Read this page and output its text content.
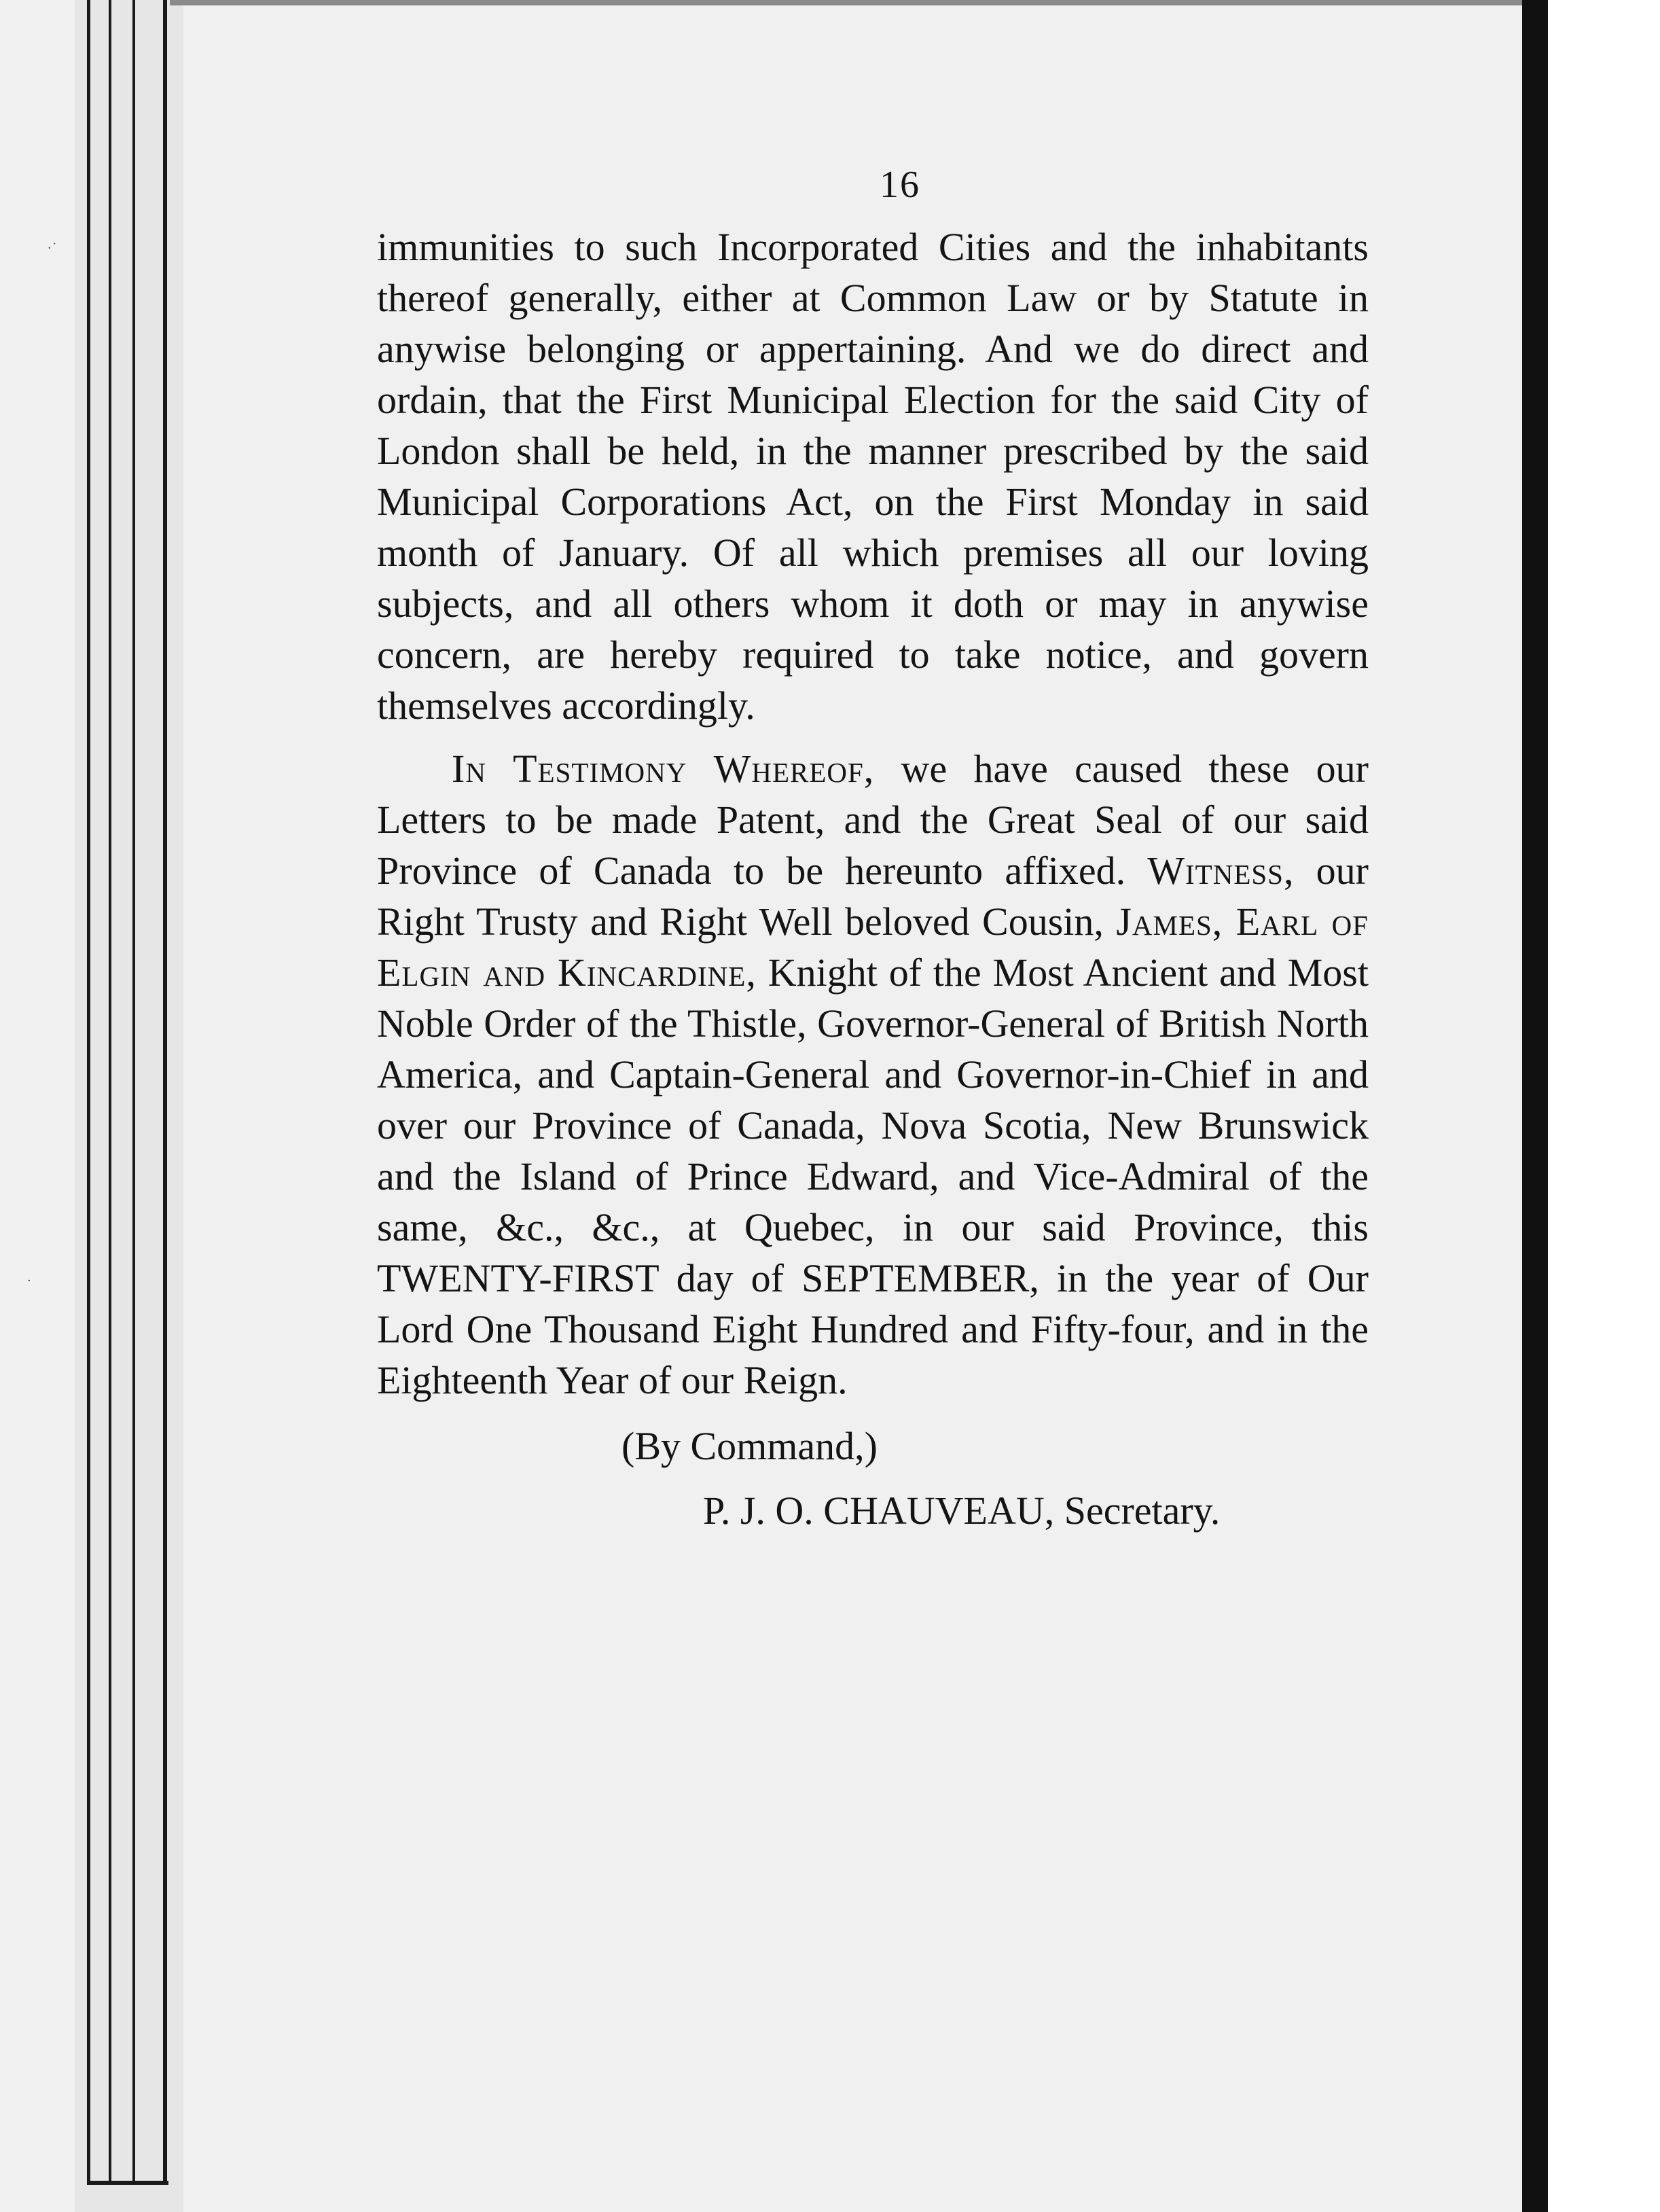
·˙
·
16

immunities to such Incorporated Cities and the inhabitants thereof generally, either at Common Law or by Statute in anywise belonging or appertaining. And we do direct and ordain, that the First Municipal Election for the said City of London shall be held, in the manner prescribed by the said Municipal Corporations Act, on the First Monday in said month of January. Of all which premises all our loving subjects, and all others whom it doth or may in anywise concern, are hereby required to take notice, and govern themselves accordingly.

In Testimony Whereof, we have caused these our Letters to be made Patent, and the Great Seal of our said Province of Canada to be hereunto affixed. Witness, our Right Trusty and Right Well beloved Cousin, James, Earl of Elgin and Kincardine, Knight of the Most Ancient and Most Noble Order of the Thistle, Governor-General of British North America, and Captain-General and Governor-in-Chief in and over our Province of Canada, Nova Scotia, New Brunswick and the Island of Prince Edward, and Vice-Admiral of the same, &c., &c., at Quebec, in our said Province, this TWENTY-FIRST day of SEPTEMBER, in the year of Our Lord One Thousand Eight Hundred and Fifty-four, and in the Eighteenth Year of our Reign.

(By Command,)
P. J. O. CHAUVEAU, Secretary.
